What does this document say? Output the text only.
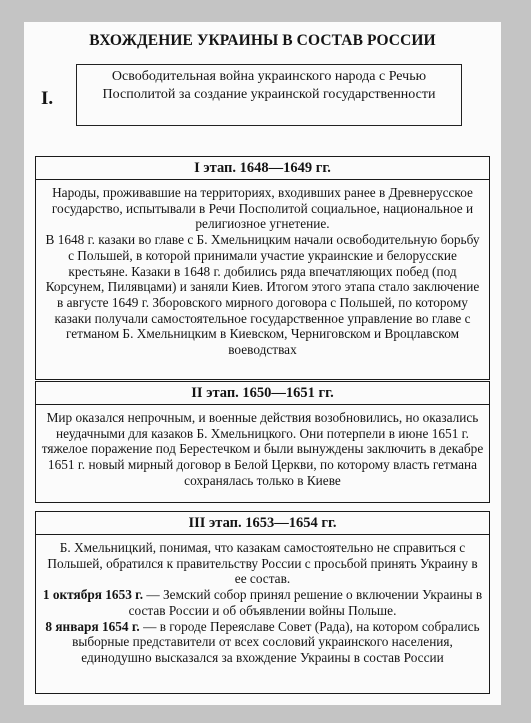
ВХОЖДЕНИЕ УКРАИНЫ В СОСТАВ РОССИИ
I.
Освободительная война украинского народа с Речью Посполитой за создание украинской государственности
I этап. 1648—1649 гг.
Народы, проживавшие на территориях, входивших ранее в Древнерусское государство, испытывали в Речи Посполитой социальное, национальное и религиозное угнетение.
В 1648 г. казаки во главе с Б. Хмельницким начали освободительную борьбу с Польшей, в которой принимали участие украинские и белорусские крестьяне. Казаки в 1648 г. добились ряда впечатляющих побед (под Корсунем, Пилявцами) и заняли Киев. Итогом этого этапа стало заключение в августе 1649 г. Зборовского мирного договора с Польшей, по которому казаки получали самостоятельное государственное управление во главе с гетманом Б. Хмельницким в Киевском, Черниговском и Вроцлавском воеводствах
II этап. 1650—1651 гг.
Мир оказался непрочным, и военные действия возобновились, но оказались неудачными для казаков Б. Хмельницкого. Они потерпели в июне 1651 г. тяжелое поражение под Берестечком и были вынуждены заключить в декабре 1651 г. новый мирный договор в Белой Церкви, по которому власть гетмана сохранялась только в Киеве
III этап. 1653—1654 гг.
Б. Хмельницкий, понимая, что казакам самостоятельно не справиться с Польшей, обратился к правительству России с просьбой принять Украину в ее состав.
1 октября 1653 г. — Земский собор принял решение о включении Украины в состав России и об объявлении войны Польше.
8 января 1654 г. — в городе Переяславе Совет (Рада), на котором собрались выборные представители от всех сословий украинского населения, единодушно высказался за вхождение Украины в состав России
